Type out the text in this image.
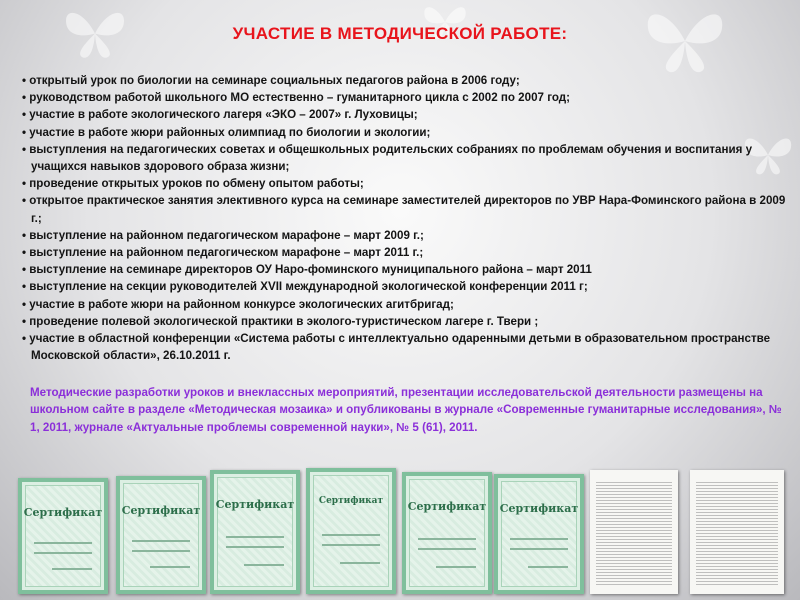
УЧАСТИЕ В МЕТОДИЧЕСКОЙ РАБОТЕ:
• открытый урок по биологии на семинаре социальных педагогов района в 2006 году;
• руководством работой школьного МО естественно – гуманитарного цикла с 2002 по 2007 год;
• участие в работе экологического лагеря «ЭКО – 2007» г. Луховицы;
• участие в работе жюри районных олимпиад по биологии и экологии;
• выступления на педагогических советах и общешкольных родительских собраниях по проблемам обучения и воспитания у учащихся навыков здорового образа жизни;
• проведение открытых уроков по обмену опытом работы;
• открытое практическое занятия элективного курса на семинаре заместителей директоров по УВР Нара-Фоминского района в 2009 г.;
• выступление на районном педагогическом марафоне – март 2009 г.;
• выступление на районном педагогическом марафоне – март 2011 г.;
• выступление на семинаре директоров ОУ Наро-фоминского муниципального района – март 2011
• выступление на секции руководителей XVII международной экологической конференции 2011 г;
• участие в работе жюри на районном конкурсе экологических агитбригад;
• проведение полевой экологической практики в эколого-туристическом лагере г. Твери ;
• участие в областной конференции «Система работы с интеллектуально одаренными детьми в образовательном пространстве Московской области», 26.10.2011 г.
Методические разработки уроков и внеклассных мероприятий, презентации исследовательской деятельности размещены на школьном сайте в разделе «Методическая мозаика» и опубликованы в журнале «Современные гуманитарные исследования», № 1, 2011, журнале «Актуальные проблемы современной науки», № 5 (61), 2011.
Сертификат Сертификат Сертификат	Сертификат	Сертификат Сертификат
